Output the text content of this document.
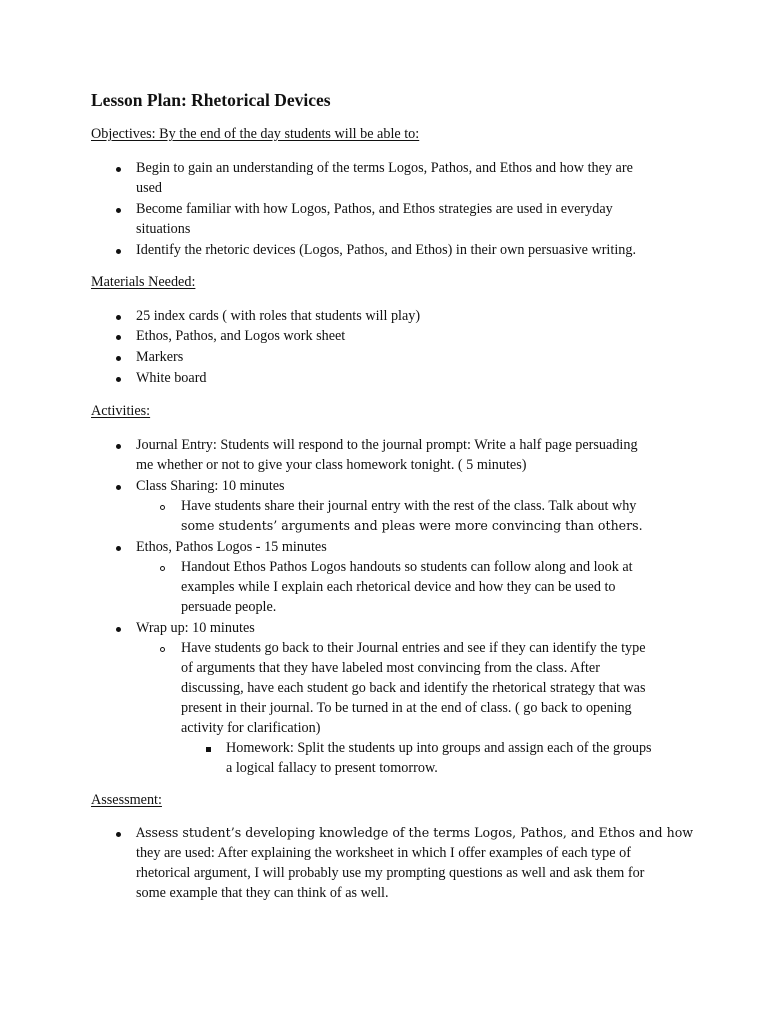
Lesson Plan: Rhetorical Devices
Objectives: By the end of the day students will be able to:
Begin to gain an understanding of the terms Logos, Pathos, and Ethos and how they are
used
Become familiar with how Logos, Pathos, and Ethos strategies are used in everyday
situations
Identify the rhetoric devices (Logos, Pathos, and Ethos) in their own persuasive writing.
Materials Needed:
25 index cards ( with roles that students will play)
Ethos, Pathos, and Logos work sheet
Markers
White board
Activities:
Journal Entry: Students will respond to the journal prompt: Write a half page persuading
me whether or not to give your class homework tonight. ( 5 minutes)
Class Sharing: 10 minutes
Have students share their journal entry with the rest of the class. Talk about why
some students’ arguments and pleas were more convincing than others.
Ethos, Pathos Logos - 15 minutes
Handout Ethos Pathos Logos handouts so students can follow along and look at
examples while I explain each rhetorical device and how they can be used to
persuade people.
Wrap up: 10 minutes
Have students go back to their Journal entries and see if they can identify the type
of arguments that they have labeled most convincing from the class. After
discussing, have each student go back and identify the rhetorical strategy that was
present in their journal. To be turned in at the end of class. ( go back to opening
activity for clarification)
Homework: Split the students up into groups and assign each of the groups
a logical fallacy to present tomorrow.
Assessment:
Assess student’s developing knowledge of the terms Logos, Pathos, and Ethos and how
they are used: After explaining the worksheet in which I offer examples of each type of
rhetorical argument, I will probably use my prompting questions as well and ask them for
some example that they can think of as well.
